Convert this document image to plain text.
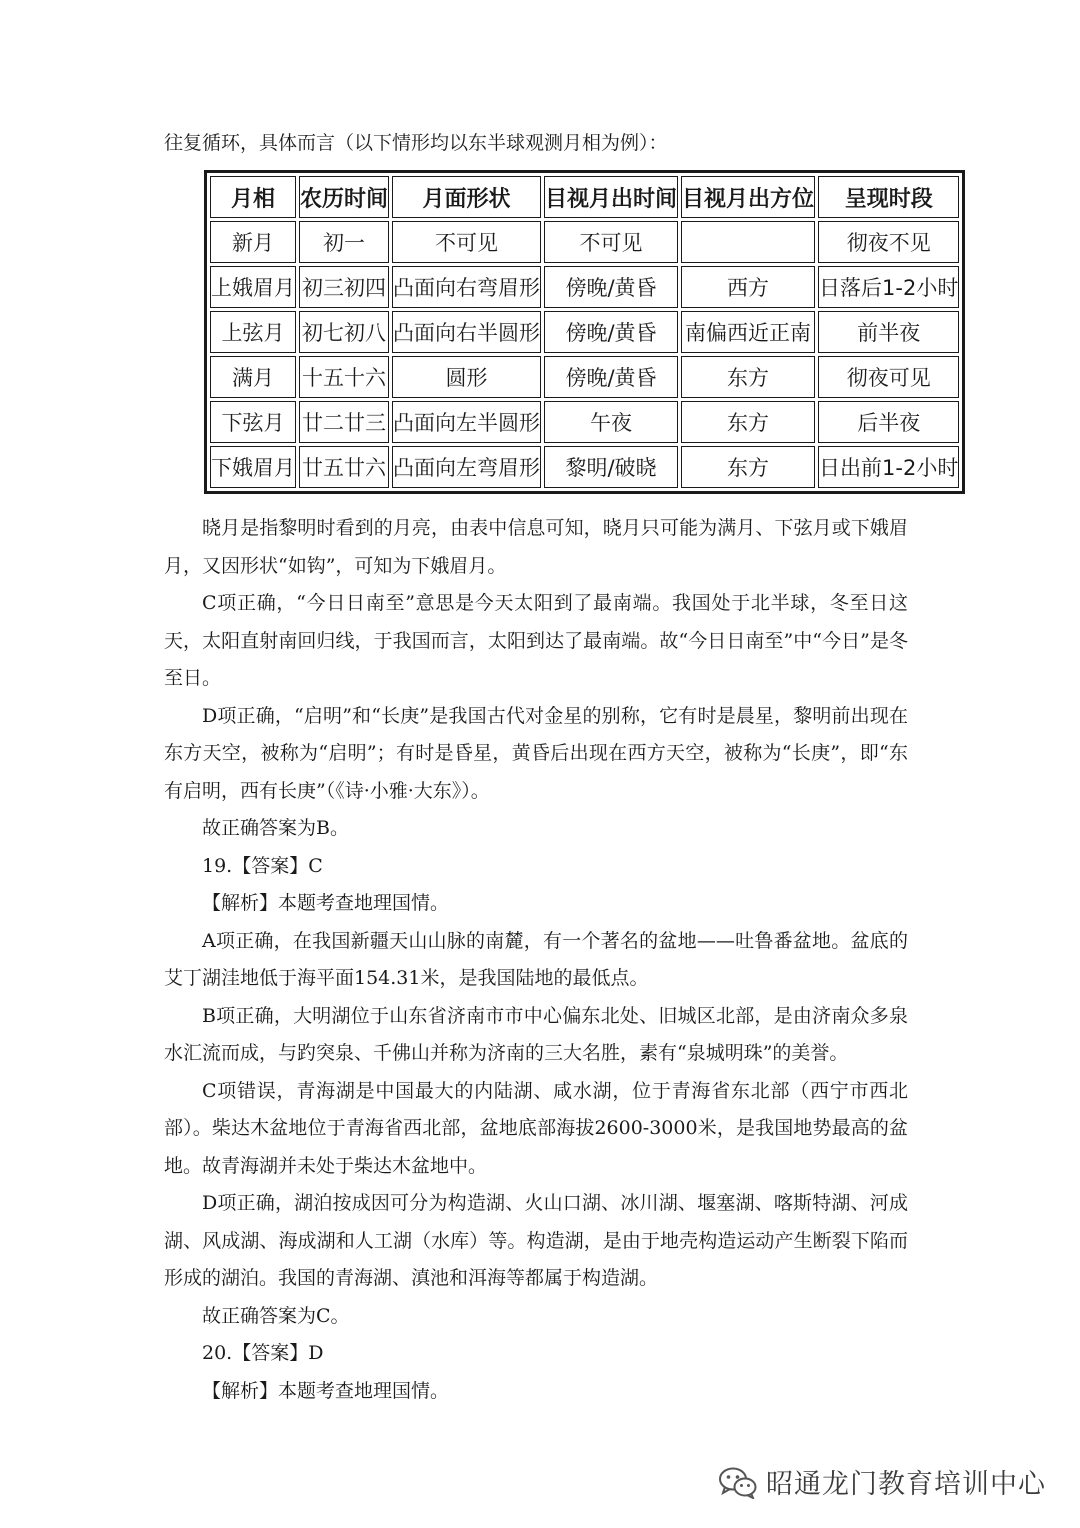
往复循环，具体而言（以下情形均以东半球观测月相为例）：
月相	农历时间	月面形状	目视月出时间	目视月出方位	呈现时段
新月	初一	不可见	不可见		彻夜不见
上娥眉月	初三初四	凸面向右弯眉形	傍晚/黄昏	西方	日落后1-2小时
上弦月	初七初八	凸面向右半圆形	傍晚/黄昏	南偏西近正南	前半夜
满月	十五十六	圆形	傍晚/黄昏	东方	彻夜可见
下弦月	廿二廿三	凸面向左半圆形	午夜	东方	后半夜
下娥眉月	廿五廿六	凸面向左弯眉形	黎明/破晓	东方	日出前1-2小时

晓月是指黎明时看到的月亮，由表中信息可知，晓月只可能为满月、下弦月或下娥眉月，又因形状“如钩”，可知为下娥眉月。

C项正确，“今日日南至”意思是今天太阳到了最南端。我国处于北半球，冬至日这天，太阳直射南回归线，于我国而言，太阳到达了最南端。故“今日日南至”中“今日”是冬至日。

D项正确，“启明”和“长庚”是我国古代对金星的别称，它有时是晨星，黎明前出现在东方天空，被称为“启明”；有时是昏星，黄昏后出现在西方天空，被称为“长庚”，即“东有启明，西有长庚”（《诗·小雅·大东》）。

故正确答案为B。

19.【答案】C

【解析】本题考查地理国情。

A项正确，在我国新疆天山山脉的南麓，有一个著名的盆地——吐鲁番盆地。盆底的艾丁湖洼地低于海平面154.31米，是我国陆地的最低点。

B项正确，大明湖位于山东省济南市市中心偏东北处、旧城区北部，是由济南众多泉水汇流而成，与趵突泉、千佛山并称为济南的三大名胜，素有“泉城明珠”的美誉。

C项错误，青海湖是中国最大的内陆湖、咸水湖，位于青海省东北部（西宁市西北部）。柴达木盆地位于青海省西北部，盆地底部海拔2600-3000米，是我国地势最高的盆地。故青海湖并未处于柴达木盆地中。

D项正确，湖泊按成因可分为构造湖、火山口湖、冰川湖、堰塞湖、喀斯特湖、河成湖、风成湖、海成湖和人工湖（水库）等。构造湖，是由于地壳构造运动产生断裂下陷而形成的湖泊。我国的青海湖、滇池和洱海等都属于构造湖。

故正确答案为C。

20.【答案】D

【解析】本题考查地理国情。

昭通龙门教育培训中心
